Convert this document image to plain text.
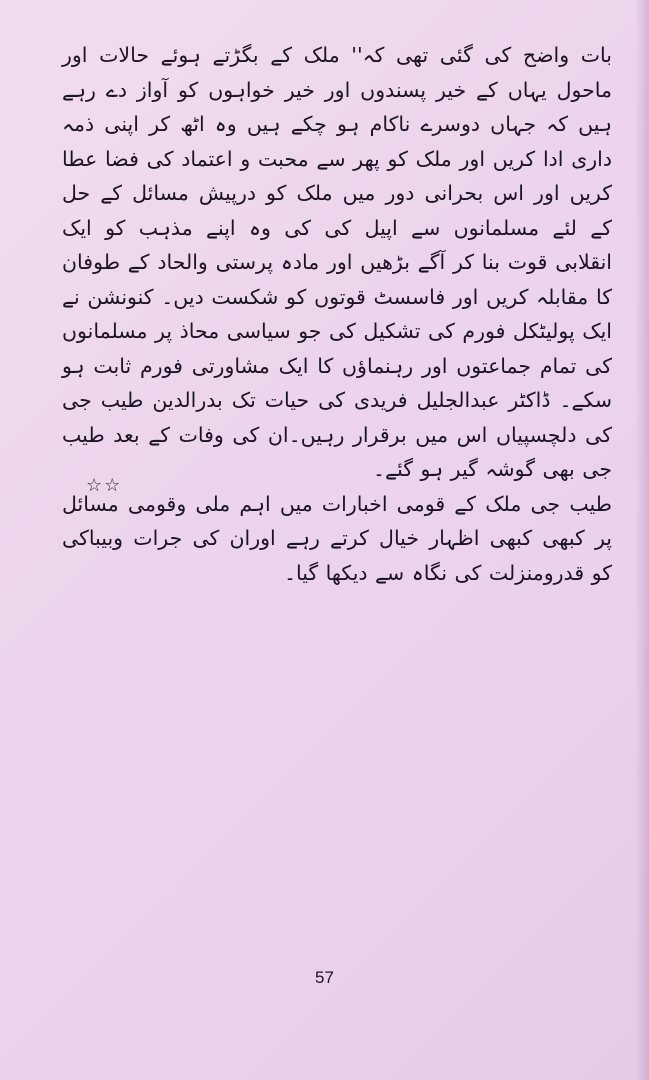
بات واضح کی گئی تھی کہ'' ملک کے بگڑتے ہوئے حالات اور ماحول یہاں کے خیر پسندوں اور خیر خواہوں کو آواز دے رہے ہیں کہ جہاں دوسرے ناکام ہو چکے ہیں وہ اٹھ کر اپنی ذمہ داری ادا کریں اور ملک کو پھر سے محبت و اعتماد کی فضا عطا کریں اور اس بحرانی دور میں ملک کو درپیش مسائل کے حل کے لئے مسلمانوں سے اپیل کی کی وہ اپنے مذہب کو ایک انقلابی قوت بنا کر آگے بڑھیں اور مادہ پرستی والحاد کے طوفان کا مقابلہ کریں اور فاسسٹ قوتوں کو شکست دیں۔ کنونشن نے ایک پولیٹکل فورم کی تشکیل کی جو سیاسی محاذ پر مسلمانوں کی تمام جماعتوں اور رہنماؤں کا ایک مشاورتی فورم ثابت ہو سکے۔ ڈاکٹر عبدالجلیل فریدی کی حیات تک بدرالدین طیب جی کی دلچسپیاں اس میں برقرار رہیں۔ان کی وفات کے بعد طیب جی بھی گوشہ گیر ہو گئے۔

طیب جی ملک کے قومی اخبارات میں اہم ملی وقومی مسائل پر کبھی کبھی اظہار خیال کرتے رہے اوران کی جرات وبیباکی کو قدرومنزلت کی نگاہ سے دیکھا گیا۔

☆☆
57
